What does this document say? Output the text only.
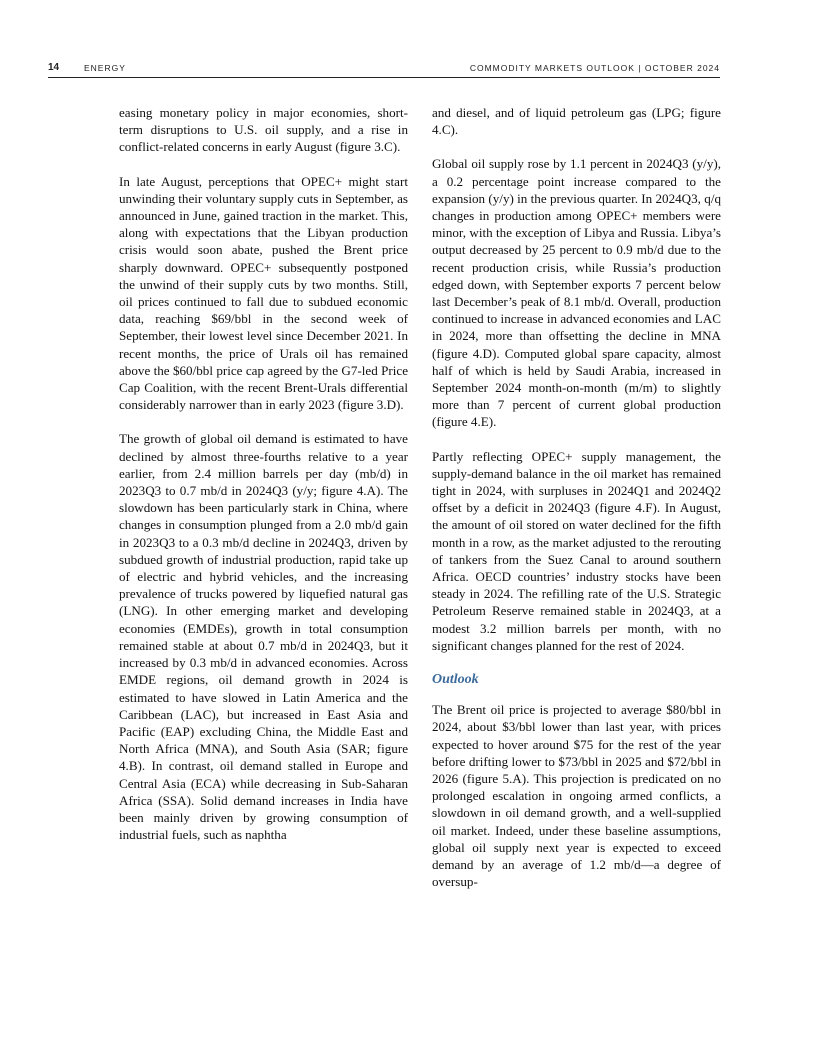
14	ENERGY	COMMODITY MARKETS OUTLOOK | OCTOBER 2024

easing monetary policy in major economies, short-term disruptions to U.S. oil supply, and a rise in conflict-related concerns in early August (figure 3.C).

In late August, perceptions that OPEC+ might start unwinding their voluntary supply cuts in September, as announced in June, gained traction in the market. This, along with expectations that the Libyan production crisis would soon abate, pushed the Brent price sharply downward. OPEC+ subsequently postponed the unwind of their supply cuts by two months. Still, oil prices continued to fall due to subdued economic data, reaching $69/bbl in the second week of September, their lowest level since December 2021. In recent months, the price of Urals oil has remained above the $60/bbl price cap agreed by the G7-led Price Cap Coalition, with the recent Brent-Urals differential considerably narrower than in early 2023 (figure 3.D).

The growth of global oil demand is estimated to have declined by almost three-fourths relative to a year earlier, from 2.4 million barrels per day (mb/d) in 2023Q3 to 0.7 mb/d in 2024Q3 (y/y; figure 4.A). The slowdown has been particularly stark in China, where changes in consumption plunged from a 2.0 mb/d gain in 2023Q3 to a 0.3 mb/d decline in 2024Q3, driven by subdued growth of industrial production, rapid take up of electric and hybrid vehicles, and the increasing prevalence of trucks powered by liquefied natural gas (LNG). In other emerging market and developing economies (EMDEs), growth in total consumption remained stable at about 0.7 mb/d in 2024Q3, but it increased by 0.3 mb/d in advanced economies. Across EMDE regions, oil demand growth in 2024 is estimated to have slowed in Latin America and the Caribbean (LAC), but increased in East Asia and Pacific (EAP) excluding China, the Middle East and North Africa (MNA), and South Asia (SAR; figure 4.B). In contrast, oil demand stalled in Europe and Central Asia (ECA) while decreasing in Sub-Saharan Africa (SSA). Solid demand increases in India have been mainly driven by growing consumption of industrial fuels, such as naphtha

and diesel, and of liquid petroleum gas (LPG; figure 4.C).

Global oil supply rose by 1.1 percent in 2024Q3 (y/y), a 0.2 percentage point increase compared to the expansion (y/y) in the previous quarter. In 2024Q3, q/q changes in production among OPEC+ members were minor, with the exception of Libya and Russia. Libya’s output decreased by 25 percent to 0.9 mb/d due to the recent production crisis, while Russia’s production edged down, with September exports 7 percent below last December’s peak of 8.1 mb/d. Overall, production continued to increase in advanced economies and LAC in 2024, more than offsetting the decline in MNA (figure 4.D). Computed global spare capacity, almost half of which is held by Saudi Arabia, increased in September 2024 month-on-month (m/m) to slightly more than 7 percent of current global production (figure 4.E).

Partly reflecting OPEC+ supply management, the supply-demand balance in the oil market has remained tight in 2024, with surpluses in 2024Q1 and 2024Q2 offset by a deficit in 2024Q3 (figure 4.F). In August, the amount of oil stored on water declined for the fifth month in a row, as the market adjusted to the rerouting of tankers from the Suez Canal to around southern Africa. OECD countries’ industry stocks have been steady in 2024. The refilling rate of the U.S. Strategic Petroleum Reserve remained stable in 2024Q3, at a modest 3.2 million barrels per month, with no significant changes planned for the rest of 2024.

Outlook

The Brent oil price is projected to average $80/bbl in 2024, about $3/bbl lower than last year, with prices expected to hover around $75 for the rest of the year before drifting lower to $73/bbl in 2025 and $72/bbl in 2026 (figure 5.A). This projection is predicated on no prolonged escalation in ongoing armed conflicts, a slowdown in oil demand growth, and a well-supplied oil market. Indeed, under these baseline assumptions, global oil supply next year is expected to exceed demand by an average of 1.2 mb/d—a degree of oversup-
